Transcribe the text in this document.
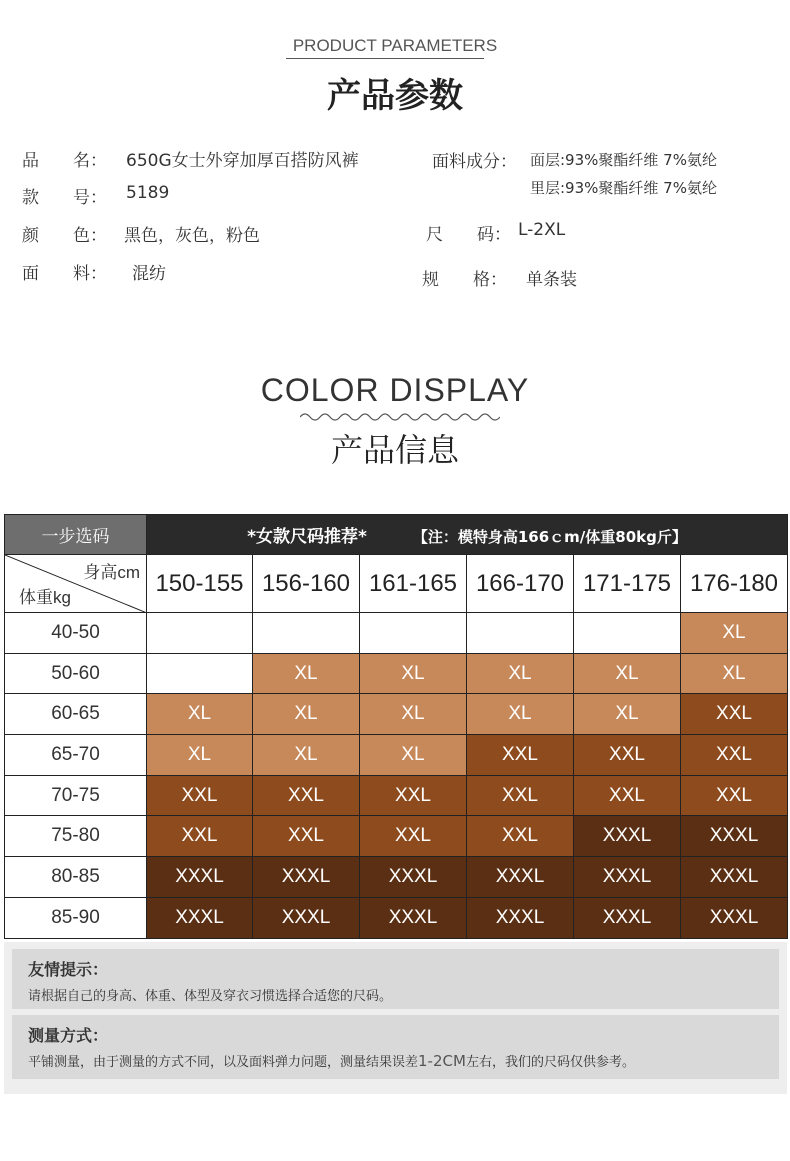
PRODUCT PARAMETERS
产品参数
品　　名： 650G女士外穿加厚百搭防风裤
款　　号： 5189
颜　　色： 黑色，灰色，粉色
面　　料： 混纺
面料成分： 面层:93%聚酯纤维 7%氨纶
里层:93%聚酯纤维 7%氨纶
尺　　码： L-2XL
规　　格： 单条装
COLOR DISPLAY
产品信息
一步选码	*女款尺码推荐* 【注：模特身高166ｃm/体重80kg斤】					

身高cm
体重kg	150-155	156-160	161-165	166-170	171-175	176-180
40-50						XL
50-60		XL	XL	XL	XL	XL
60-65	XL	XL	XL	XL	XL	XXL
65-70	XL	XL	XL	XXL	XXL	XXL
70-75	XXL	XXL	XXL	XXL	XXL	XXL
75-80	XXL	XXL	XXL	XXL	XXXL	XXXL
80-85	XXXL	XXXL	XXXL	XXXL	XXXL	XXXL
85-90	XXXL	XXXL	XXXL	XXXL	XXXL	XXXL
友情提示：
请根据自己的身高、体重、体型及穿衣习惯选择合适您的尺码。
测量方式：
平铺测量，由于测量的方式不同，以及面料弹力问题，测量结果误差1-2CM左右，我们的尺码仅供参考。
